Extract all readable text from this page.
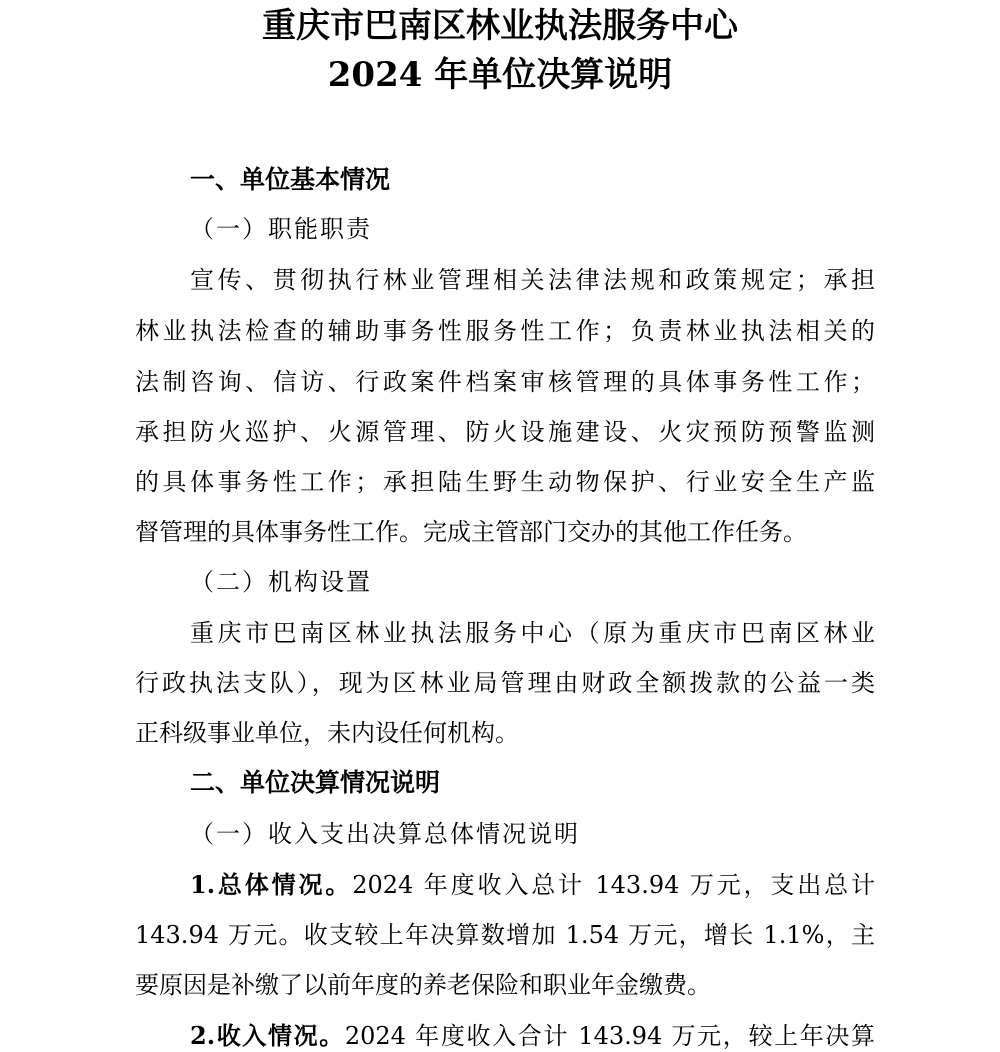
重庆市巴南区林业执法服务中心
2024 年单位决算说明
一、单位基本情况
（一）职能职责
宣传、贯彻执行林业管理相关法律法规和政策规定；承担
林业执法检查的辅助事务性服务性工作；负责林业执法相关的
法制咨询、信访、行政案件档案审核管理的具体事务性工作；
承担防火巡护、火源管理、防火设施建设、火灾预防预警监测
的具体事务性工作；承担陆生野生动物保护、行业安全生产监
督管理的具体事务性工作。完成主管部门交办的其他工作任务。
（二）机构设置
重庆市巴南区林业执法服务中心（原为重庆市巴南区林业
行政执法支队），现为区林业局管理由财政全额拨款的公益一类
正科级事业单位，未内设任何机构。
二、单位决算情况说明
（一）收入支出决算总体情况说明
1.总体情况。2024 年度收入总计 143.94 万元，支出总计
143.94 万元。收支较上年决算数增加 1.54 万元，增长 1.1%，主
要原因是补缴了以前年度的养老保险和职业年金缴费。
2.收入情况。2024 年度收入合计 143.94 万元，较上年决算
